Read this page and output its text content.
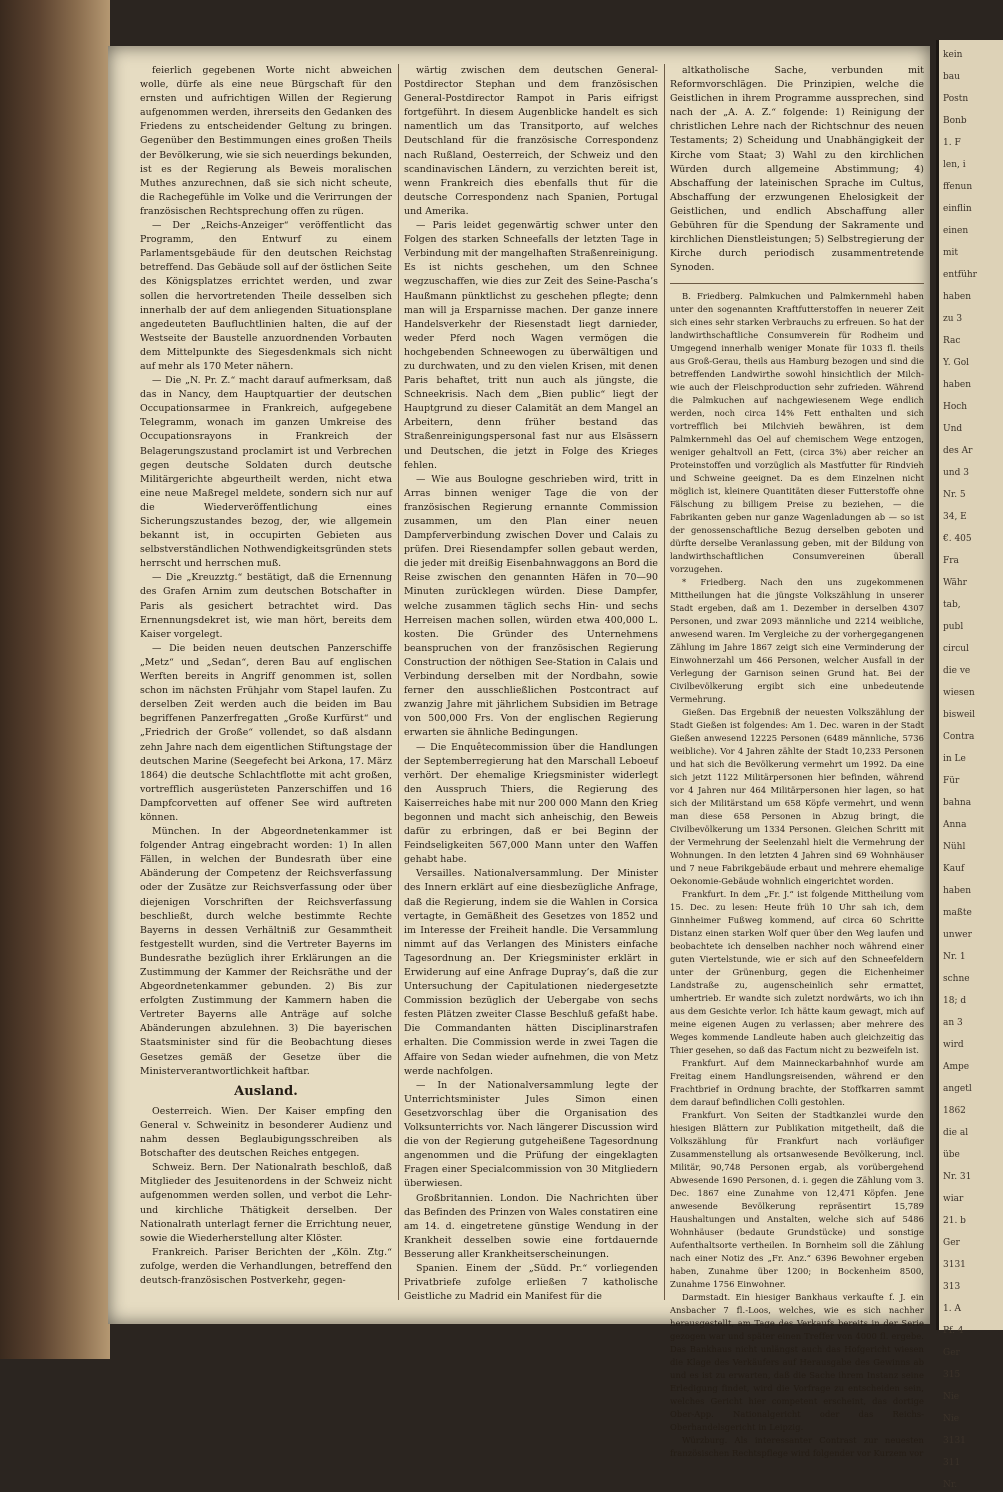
feierlich gegebenen Worte nicht abweichen wolle, dürfe als eine neue Bürgschaft für den ernsten und aufrichtigen Willen der Regierung aufgenommen werden, ihrerseits den Gedanken des Friedens zu entscheidender Geltung zu bringen. Gegenüber den Bestimmungen eines großen Theils der Bevölkerung, wie sie sich neuerdings bekunden, ist es der Regierung als Beweis moralischen Muthes anzurechnen, daß sie sich nicht scheute, die Rachegefühle im Volke und die Verirrungen der französischen Rechtsprechung offen zu rügen.

— Der „Reichs-Anzeiger“ veröffentlicht das Programm, den Entwurf zu einem Parlamentsgebäude für den deutschen Reichstag betreffend. Das Gebäude soll auf der östlichen Seite des Königsplatzes errichtet werden, und zwar sollen die hervortretenden Theile desselben sich innerhalb der auf dem anliegenden Situationsplane angedeuteten Baufluchtlinien halten, die auf der Westseite der Baustelle anzuordnenden Vorbauten dem Mittelpunkte des Siegesdenkmals sich nicht auf mehr als 170 Meter nähern.

— Die „N. Pr. Z.“ macht darauf aufmerksam, daß das in Nancy, dem Hauptquartier der deutschen Occupationsarmee in Frankreich, aufgegebene Telegramm, wonach im ganzen Umkreise des Occupationsrayons in Frankreich der Belagerungszustand proclamirt ist und Verbrechen gegen deutsche Soldaten durch deutsche Militärgerichte abgeurtheilt werden, nicht etwa eine neue Maßregel meldete, sondern sich nur auf die Wiederveröffentlichung eines Sicherungszustandes bezog, der, wie allgemein bekannt ist, in occupirten Gebieten aus selbstverständlichen Nothwendigkeitsgründen stets herrscht und herrschen muß.

— Die „Kreuzztg.“ bestätigt, daß die Ernennung des Grafen Arnim zum deutschen Botschafter in Paris als gesichert betrachtet wird. Das Ernennungsdekret ist, wie man hört, bereits dem Kaiser vorgelegt.

— Die beiden neuen deutschen Panzerschiffe „Metz“ und „Sedan“, deren Bau auf englischen Werften bereits in Angriff genommen ist, sollen schon im nächsten Frühjahr vom Stapel laufen. Zu derselben Zeit werden auch die beiden im Bau begriffenen Panzerfregatten „Große Kurfürst“ und „Friedrich der Große“ vollendet, so daß alsdann zehn Jahre nach dem eigentlichen Stiftungstage der deutschen Marine (Seegefecht bei Arkona, 17. März 1864) die deutsche Schlachtflotte mit acht großen, vortrefflich ausgerüsteten Panzerschiffen und 16 Dampfcorvetten auf offener See wird auftreten können.

München. In der Abgeordnetenkammer ist folgender Antrag eingebracht worden: 1) In allen Fällen, in welchen der Bundesrath über eine Abänderung der Competenz der Reichsverfassung oder der Zusätze zur Reichsverfassung oder über diejenigen Vorschriften der Reichsverfassung beschließt, durch welche bestimmte Rechte Bayerns in dessen Verhältniß zur Gesammtheit festgestellt wurden, sind die Vertreter Bayerns im Bundesrathe bezüglich ihrer Erklärungen an die Zustimmung der Kammer der Reichsräthe und der Abgeordnetenkammer gebunden. 2) Bis zur erfolgten Zustimmung der Kammern haben die Vertreter Bayerns alle Anträge auf solche Abänderungen abzulehnen. 3) Die bayerischen Staatsminister sind für die Beobachtung dieses Gesetzes gemäß der Gesetze über die Ministerverantwortlichkeit haftbar.

Ausland.

Oesterreich. Wien. Der Kaiser empfing den General v. Schweinitz in besonderer Audienz und nahm dessen Beglaubigungsschreiben als Botschafter des deutschen Reiches entgegen.

Schweiz. Bern. Der Nationalrath beschloß, daß Mitglieder des Jesuitenordens in der Schweiz nicht aufgenommen werden sollen, und verbot die Lehr- und kirchliche Thätigkeit derselben. Der Nationalrath unterlagt ferner die Errichtung neuer, sowie die Wiederherstellung alter Klöster.

Frankreich. Pariser Berichten der „Köln. Ztg.“ zufolge, werden die Verhandlungen, betreffend den deutsch-französischen Postverkehr, gegen-

wärtig zwischen dem deutschen General-Postdirector Stephan und dem französischen General-Postdirector Rampot in Paris eifrigst fortgeführt. In diesem Augenblicke handelt es sich namentlich um das Transitporto, auf welches Deutschland für die französische Correspondenz nach Rußland, Oesterreich, der Schweiz und den scandinavischen Ländern, zu verzichten bereit ist, wenn Frankreich dies ebenfalls thut für die deutsche Correspondenz nach Spanien, Portugal und Amerika.

— Paris leidet gegenwärtig schwer unter den Folgen des starken Schneefalls der letzten Tage in Verbindung mit der mangelhaften Straßenreinigung. Es ist nichts geschehen, um den Schnee wegzuschaffen, wie dies zur Zeit des Seine-Pascha’s Haußmann pünktlichst zu geschehen pflegte; denn man will ja Ersparnisse machen. Der ganze innere Handelsverkehr der Riesenstadt liegt darnieder, weder Pferd noch Wagen vermögen die hochgebenden Schneewogen zu überwältigen und zu durchwaten, und zu den vielen Krisen, mit denen Paris behaftet, tritt nun auch als jüngste, die Schneekrisis. Nach dem „Bien public“ liegt der Hauptgrund zu dieser Calamität an dem Mangel an Arbeitern, denn früher bestand das Straßenreinigungspersonal fast nur aus Elsässern und Deutschen, die jetzt in Folge des Krieges fehlen.

— Wie aus Boulogne geschrieben wird, tritt in Arras binnen weniger Tage die von der französischen Regierung ernannte Commission zusammen, um den Plan einer neuen Dampferverbindung zwischen Dover und Calais zu prüfen. Drei Riesendampfer sollen gebaut werden, die jeder mit dreißig Eisenbahnwaggons an Bord die Reise zwischen den genannten Häfen in 70—90 Minuten zurücklegen würden. Diese Dampfer, welche zusammen täglich sechs Hin- und sechs Herreisen machen sollen, würden etwa 400,000 L. kosten. Die Gründer des Unternehmens beanspruchen von der französischen Regierung Construction der nöthigen See-Station in Calais und Verbindung derselben mit der Nordbahn, sowie ferner den ausschließlichen Postcontract auf zwanzig Jahre mit jährlichem Subsidien im Betrage von 500,000 Frs. Von der englischen Regierung erwarten sie ähnliche Bedingungen.

— Die Enquêtecommission über die Handlungen der Septemberregierung hat den Marschall Leboeuf verhört. Der ehemalige Kriegsminister widerlegt den Ausspruch Thiers, die Regierung des Kaiserreiches habe mit nur 200 000 Mann den Krieg begonnen und macht sich anheischig, den Beweis dafür zu erbringen, daß er bei Beginn der Feindseligkeiten 567,000 Mann unter den Waffen gehabt habe.

Versailles. Nationalversammlung. Der Minister des Innern erklärt auf eine diesbezügliche Anfrage, daß die Regierung, indem sie die Wahlen in Corsica vertagte, in Gemäßheit des Gesetzes von 1852 und im Interesse der Freiheit handle. Die Versammlung nimmt auf das Verlangen des Ministers einfache Tagesordnung an. Der Kriegsminister erklärt in Erwiderung auf eine Anfrage Dupray’s, daß die zur Untersuchung der Capitulationen niedergesetzte Commission bezüglich der Uebergabe von sechs festen Plätzen zweiter Classe Beschluß gefaßt habe. Die Commandanten hätten Disciplinarstrafen erhalten. Die Commission werde in zwei Tagen die Affaire von Sedan wieder aufnehmen, die von Metz werde nachfolgen.

— In der Nationalversammlung legte der Unterrichtsminister Jules Simon einen Gesetzvorschlag über die Organisation des Volksunterrichts vor. Nach längerer Discussion wird die von der Regierung gutgeheißene Tagesordnung angenommen und die Prüfung der eingeklagten Fragen einer Specialcommission von 30 Mitgliedern überwiesen.

Großbritannien. London. Die Nachrichten über das Befinden des Prinzen von Wales constatiren eine am 14. d. eingetretene günstige Wendung in der Krankheit desselben sowie eine fortdauernde Besserung aller Krankheitserscheinungen.

Spanien. Einem der „Südd. Pr.“ vorliegenden Privatbriefe zufolge erließen 7 katholische Geistliche zu Madrid ein Manifest für die

altkatholische Sache, verbunden mit Reformvorschlägen. Die Prinzipien, welche die Geistlichen in ihrem Programme aussprechen, sind nach der „A. A. Z.“ folgende: 1) Reinigung der christlichen Lehre nach der Richtschnur des neuen Testaments; 2) Scheidung und Unabhängigkeit der Kirche vom Staat; 3) Wahl zu den kirchlichen Würden durch allgemeine Abstimmung; 4) Abschaffung der lateinischen Sprache im Cultus, Abschaffung der erzwungenen Ehelosigkeit der Geistlichen, und endlich Abschaffung aller Gebühren für die Spendung der Sakramente und kirchlichen Dienstleistungen; 5) Selbstregierung der Kirche durch periodisch zusammentretende Synoden.

B. Friedberg. Palmkuchen und Palmkernmehl haben unter den sogenannten Kraftfutterstoffen in neuerer Zeit sich eines sehr starken Verbrauchs zu erfreuen. So hat der landwirthschaftliche Consumverein für Rodheim und Umgegend innerhalb weniger Monate für 1033 fl. theils aus Groß-Gerau, theils aus Hamburg bezogen und sind die betreffenden Landwirthe sowohl hinsichtlich der Milch- wie auch der Fleischproduction sehr zufrieden. Während die Palmkuchen auf nachgewiesenem Wege endlich werden, noch circa 14% Fett enthalten und sich vortrefflich bei Milchvieh bewähren, ist dem Palmkernmehl das Oel auf chemischem Wege entzogen, weniger gehaltvoll an Fett, (circa 3%) aber reicher an Proteinstoffen und vorzüglich als Mastfutter für Rindvieh und Schweine geeignet. Da es dem Einzelnen nicht möglich ist, kleinere Quantitäten dieser Futterstoffe ohne Fälschung zu billigem Preise zu beziehen, — die Fabrikanten geben nur ganze Wagenladungen ab — so ist der genossenschaftliche Bezug derselben geboten und dürfte derselbe Veranlassung geben, mit der Bildung von landwirthschaftlichen Consumvereinen überall vorzugehen.

* Friedberg. Nach den uns zugekommenen Mittheilungen hat die jüngste Volkszählung in unserer Stadt ergeben, daß am 1. Dezember in derselben 4307 Personen, und zwar 2093 männliche und 2214 weibliche, anwesend waren. Im Vergleiche zu der vorhergegangenen Zählung im Jahre 1867 zeigt sich eine Verminderung der Einwohnerzahl um 466 Personen, welcher Ausfall in der Verlegung der Garnison seinen Grund hat. Bei der Civilbevölkerung ergibt sich eine unbedeutende Vermehrung.

Gießen. Das Ergebniß der neuesten Volkszählung der Stadt Gießen ist folgendes: Am 1. Dec. waren in der Stadt Gießen anwesend 12225 Personen (6489 männliche, 5736 weibliche). Vor 4 Jahren zählte der Stadt 10,233 Personen und hat sich die Bevölkerung vermehrt um 1992. Da eine sich jetzt 1122 Militärpersonen hier befinden, während vor 4 Jahren nur 464 Militärpersonen hier lagen, so hat sich der Militärstand um 658 Köpfe vermehrt, und wenn man diese 658 Personen in Abzug bringt, die Civilbevölkerung um 1334 Personen. Gleichen Schritt mit der Vermehrung der Seelenzahl hielt die Vermehrung der Wohnungen. In den letzten 4 Jahren sind 69 Wohnhäuser und 7 neue Fabrikgebäude erbaut und mehrere ehemalige Oekonomie-Gebäude wohnlich eingerichtet worden.

Frankfurt. In dem „Fr. J.“ ist folgende Mittheilung vom 15. Dec. zu lesen: Heute früh 10 Uhr sah ich, dem Ginnheimer Fußweg kommend, auf circa 60 Schritte Distanz einen starken Wolf quer über den Weg laufen und beobachtete ich denselben nachher noch während einer guten Viertelstunde, wie er sich auf den Schneefeldern unter der Grünenburg, gegen die Eichenheimer Landstraße zu, augenscheinlich sehr ermattet, umhertrieb. Er wandte sich zuletzt nordwärts, wo ich ihn aus dem Gesichte verlor. Ich hätte kaum gewagt, mich auf meine eigenen Augen zu verlassen; aber mehrere des Weges kommende Landleute haben auch gleichzeitig das Thier gesehen, so daß das Factum nicht zu bezweifeln ist.

Frankfurt. Auf dem Mainneckarbahnhof wurde am Freitag einem Handlungsreisenden, während er den Frachtbrief in Ordnung brachte, der Stoffkarren sammt dem darauf befindlichen Colli gestohlen.

Frankfurt. Von Seiten der Stadtkanzlei wurde den hiesigen Blättern zur Publikation mitgetheilt, daß die Volkszählung für Frankfurt nach vorläufiger Zusammenstellung als ortsanwesende Bevölkerung, incl. Militär, 90,748 Personen ergab, als vorübergehend Abwesende 1690 Personen, d. i. gegen die Zählung vom 3. Dec. 1867 eine Zunahme von 12,471 Köpfen. Jene anwesende Bevölkerung repräsentirt 15,789 Haushaltungen und Anstalten, welche sich auf 5486 Wohnhäuser (bedaute Grundstücke) und sonstige Aufenthaltsorte vertheilen. In Bornheim soll die Zählung nach einer Notiz des „Fr. Anz.“ 6396 Bewohner ergeben haben, Zunahme über 1200; in Bockenheim 8500, Zunahme 1756 Einwohner.

Darmstadt. Ein hiesiger Bankhaus verkaufte f. J. ein Ansbacher 7 fl.-Loos, welches, wie es sich nachher herausgestellt, am Tage des Verkaufs bereits in der Serie gezogen war und später einen Treffer von 4000 fl. ergebe. Das Bankhaus nicht unlängst auch das Hofgericht wiesen die Klage des Verkäufers auf Herausgabe des Gewinns ab und es ist zu erwarten, daß die Sache ihrem Instanz seine Erledigung findet, wird die Vorfrage zu entscheiden sein, welches Gericht hier competent erscheint, das dortige Ober-App. Nationalgericht oder das Reichs-Oberhandelsgericht in Leipzig.

Würzburg. Als interessanter Contrast zur neuesten französischen Rechtspflege wird folgender vor Kurzem vor

kein

bau

Postn

Bonb

1. F

len, i

ffenun

einflin

einen

mit

entführ

haben

zu 3

Rac

Y. Gol

haben

Hoch

Und

des Ar

und 3

Nr. 5

34, E

€. 405

Fra

Währ

tab,

publ

circul

die ve

wiesen

bisweil

Contra

in Le

Für

bahna

Anna

Nühl

Kauf

haben

maßte

unwer

Nr. 1

schne

18; d

an 3

wird

Ampe

angetl

1862

die al

übe

Nr. 31

wiar

21. b

Ger

3131

313

1. A

Pf. 4

Ger

315

Nie

Nie

3131

311

Nr.
